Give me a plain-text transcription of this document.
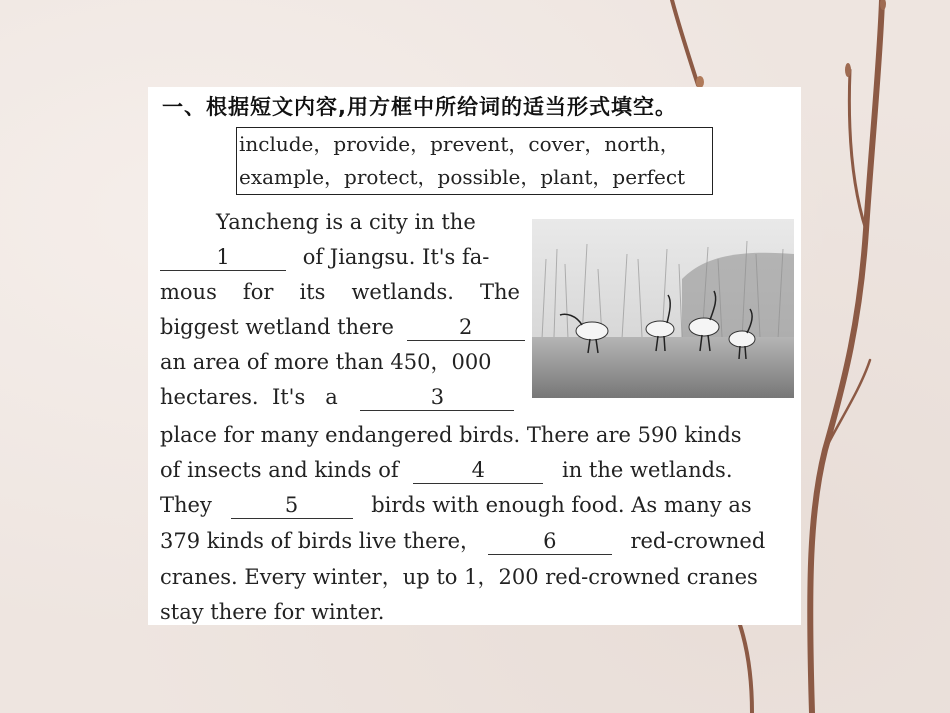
一、根据短文内容,用方框中所给词的适当形式填空。
include，provide，prevent，cover，north，
example，protect，possible，plant，perfect
Yancheng is a city in the
1	of Jiangsu. It's fa-
mous for its wetlands. The
biggest wetland there	2
an area of more than 450，000
hectares.  It's   a	3
place for many endangered birds. There are 590 kinds
of insects and kinds of	4	in the wetlands.
They	5	birds with enough food. As many as
379 kinds of birds live there，	6	red-crowned
cranes. Every winter，up to 1，200 red-crowned cranes
stay there for winter.
